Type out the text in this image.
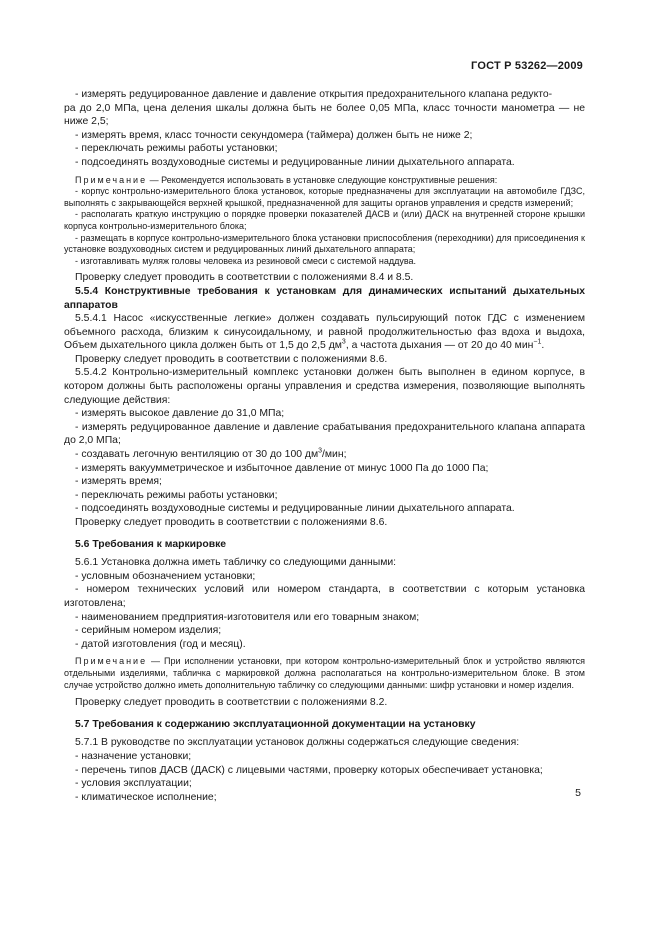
ГОСТ Р 53262—2009

- измерять редуцированное давление и давление открытия предохранительного клапана редукто-

ра до 2,0 МПа, цена деления шкалы должна быть не более 0,05 МПа, класс точности манометра — не ниже 2,5;

- измерять время, класс точности секундомера (таймера) должен быть не ниже 2;

- переключать режимы работы установки;

- подсоединять воздуховодные системы и редуцированные линии дыхательного аппарата.

Примечание — Рекомендуется использовать в установке следующие конструктивные решения:

- корпус контрольно-измерительного блока установок, которые предназначены для эксплуатации на автомобиле ГДЗС, выполнять с закрывающейся верхней крышкой, предназначенной для защиты органов управления и средств измерений;

- располагать краткую инструкцию о порядке проверки показателей ДАСВ и (или) ДАСК на внутренней стороне крышки корпуса контрольно-измерительного блока;

- размещать в корпусе контрольно-измерительного блока установки приспособления (переходники) для присоединения к установке воздуховодных систем и редуцированных линий дыхательного аппарата;

- изготавливать муляж головы человека из резиновой смеси с системой наддува.

Проверку следует проводить в соответствии с положениями 8.4 и 8.5.

5.5.4 Конструктивные требования к установкам для динамических испытаний дыхательных аппаратов

5.5.4.1 Насос «искусственные легкие» должен создавать пульсирующий поток ГДС с изменением объемного расхода, близким к синусоидальному, и равной продолжительностью фаз вдоха и выдоха, Объем дыхательного цикла должен быть от 1,5 до 2,5 $дм^3$, а частота дыхания — от 20 до 40 мин$^{-1}$.

Проверку следует проводить в соответствии с положениями 8.6.

5.5.4.2 Контрольно-измерительный комплекс установки должен быть выполнен в едином корпусе, в котором должны быть расположены органы управления и средства измерения, позволяющие выполнять следующие действия:

- измерять высокое давление до 31,0 МПа;

- измерять редуцированное давление и давление срабатывания предохранительного клапана аппарата до 2,0 МПа;

- создавать легочную вентиляцию от 30 до 100 $дм^3$/мин;

- измерять вакуумметрическое и избыточное давление от минус 1000 Па до 1000 Па;

- измерять время;

- переключать режимы работы установки;

- подсоединять воздуховодные системы и редуцированные линии дыхательного аппарата.

Проверку следует проводить в соответствии с положениями 8.6.

5.6 Требования к маркировке

5.6.1 Установка должна иметь табличку со следующими данными:

- условным обозначением установки;

- номером технических условий или номером стандарта, в соответствии с которым установка изготовлена;

- наименованием предприятия-изготовителя или его товарным знаком;

- серийным номером изделия;

- датой изготовления (год и месяц).

Примечание — При исполнении установки, при котором контрольно-измерительный блок и устройство являются отдельными изделиями, табличка с маркировкой должна располагаться на контрольно-измерительном блоке. В этом случае устройство должно иметь дополнительную табличку со следующими данными: шифр установки и номер изделия.

Проверку следует проводить в соответствии с положениями 8.2.

5.7 Требования к содержанию эксплуатационной документации на установку

5.7.1 В руководстве по эксплуатации установок должны содержаться следующие сведения:

- назначение установки;

- перечень типов ДАСВ (ДАСК) с лицевыми частями, проверку которых обеспечивает установка;

- условия эксплуатации;

- климатическое исполнение;	5
